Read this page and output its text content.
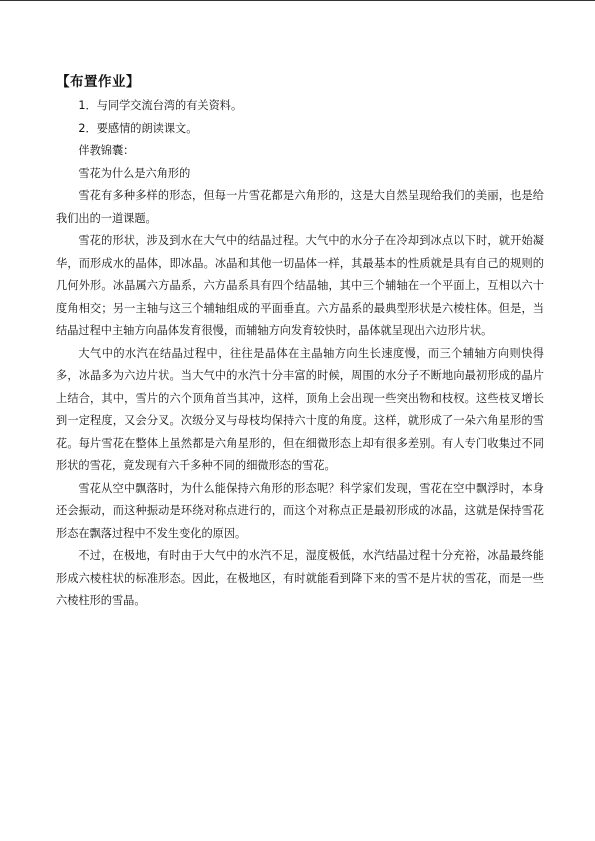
【布置作业】

1．与同学交流台湾的有关资料。

2．要感情的朗读课文。

伴教锦囊：

雪花为什么是六角形的

雪花有多种多样的形态，但每一片雪花都是六角形的，这是大自然呈现给我们的美丽，也是给我们出的一道课题。

雪花的形状，涉及到水在大气中的结晶过程。大气中的水分子在冷却到冰点以下时，就开始凝华，而形成水的晶体，即冰晶。冰晶和其他一切晶体一样，其最基本的性质就是具有自己的规则的几何外形。冰晶属六方晶系，六方晶系具有四个结晶轴，其中三个辅轴在一个平面上，互相以六十度角相交；另一主轴与这三个辅轴组成的平面垂直。六方晶系的最典型形状是六棱柱体。但是，当结晶过程中主轴方向晶体发育很慢，而辅轴方向发育较快时，晶体就呈现出六边形片状。

大气中的水汽在结晶过程中，往往是晶体在主晶轴方向生长速度慢，而三个辅轴方向则快得多，冰晶多为六边片状。当大气中的水汽十分丰富的时候，周围的水分子不断地向最初形成的晶片上结合，其中，雪片的六个顶角首当其冲，这样，顶角上会出现一些突出物和枝杈。这些枝叉增长到一定程度，又会分叉。次级分叉与母枝均保持六十度的角度。这样，就形成了一朵六角星形的雪花。每片雪花在整体上虽然都是六角星形的，但在细微形态上却有很多差别。有人专门收集过不同形状的雪花，竟发现有六千多种不同的细微形态的雪花。

雪花从空中飘落时，为什么能保持六角形的形态呢？科学家们发现，雪花在空中飘浮时，本身还会振动，而这种振动是环绕对称点进行的，而这个对称点正是最初形成的冰晶，这就是保持雪花形态在飘落过程中不发生变化的原因。

不过，在极地，有时由于大气中的水汽不足，湿度极低，水汽结晶过程十分充裕，冰晶最终能形成六棱柱状的标准形态。因此，在极地区，有时就能看到降下来的雪不是片状的雪花，而是一些六棱柱形的雪晶。
